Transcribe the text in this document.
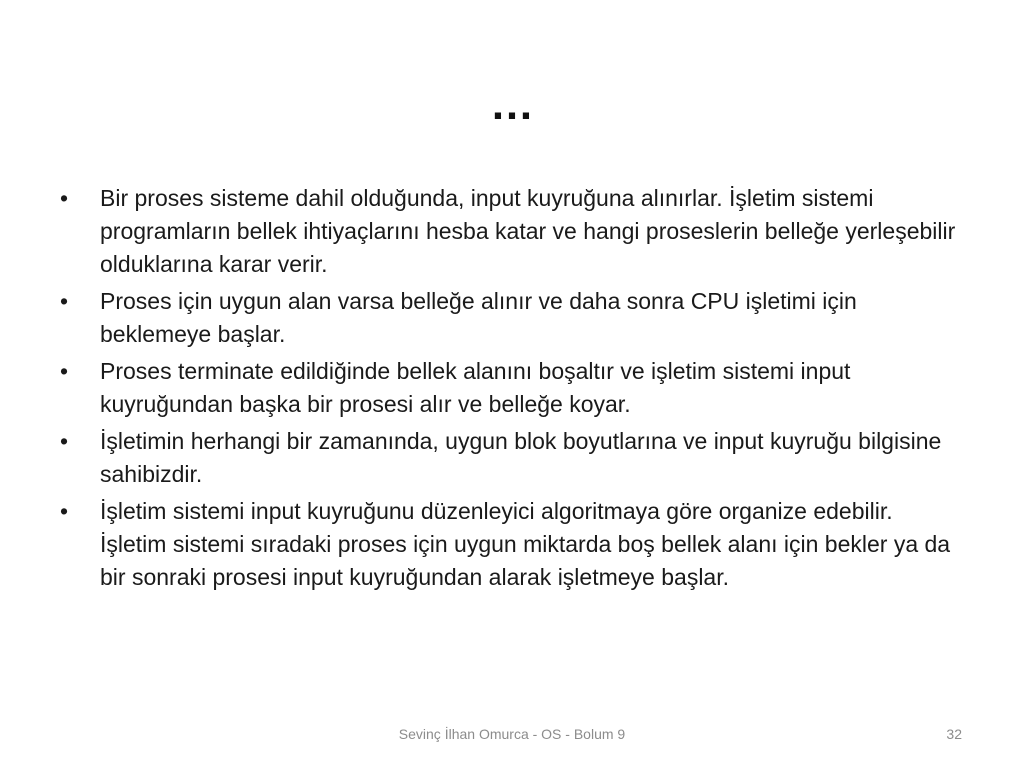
…
•	Bir proses sisteme dahil olduğunda, input kuyruğuna alınırlar. İşletim sistemi programların bellek ihtiyaçlarını hesba katar ve hangi proseslerin belleğe yerleşebilir olduklarına karar verir.
•	Proses için uygun alan varsa belleğe alınır ve daha sonra CPU işletimi için beklemeye başlar.
•	Proses terminate edildiğinde bellek alanını boşaltır ve işletim sistemi input kuyruğundan başka bir prosesi alır ve belleğe koyar.
•	İşletimin herhangi bir zamanında, uygun blok boyutlarına ve input kuyruğu bilgisine sahibizdir.
•	İşletim sistemi input kuyruğunu düzenleyici algoritmaya göre organize edebilir. İşletim sistemi sıradaki proses için uygun miktarda boş bellek alanı için bekler ya da bir sonraki prosesi input kuyruğundan alarak işletmeye başlar.
Sevinç İlhan Omurca - OS - Bolum 9	32
